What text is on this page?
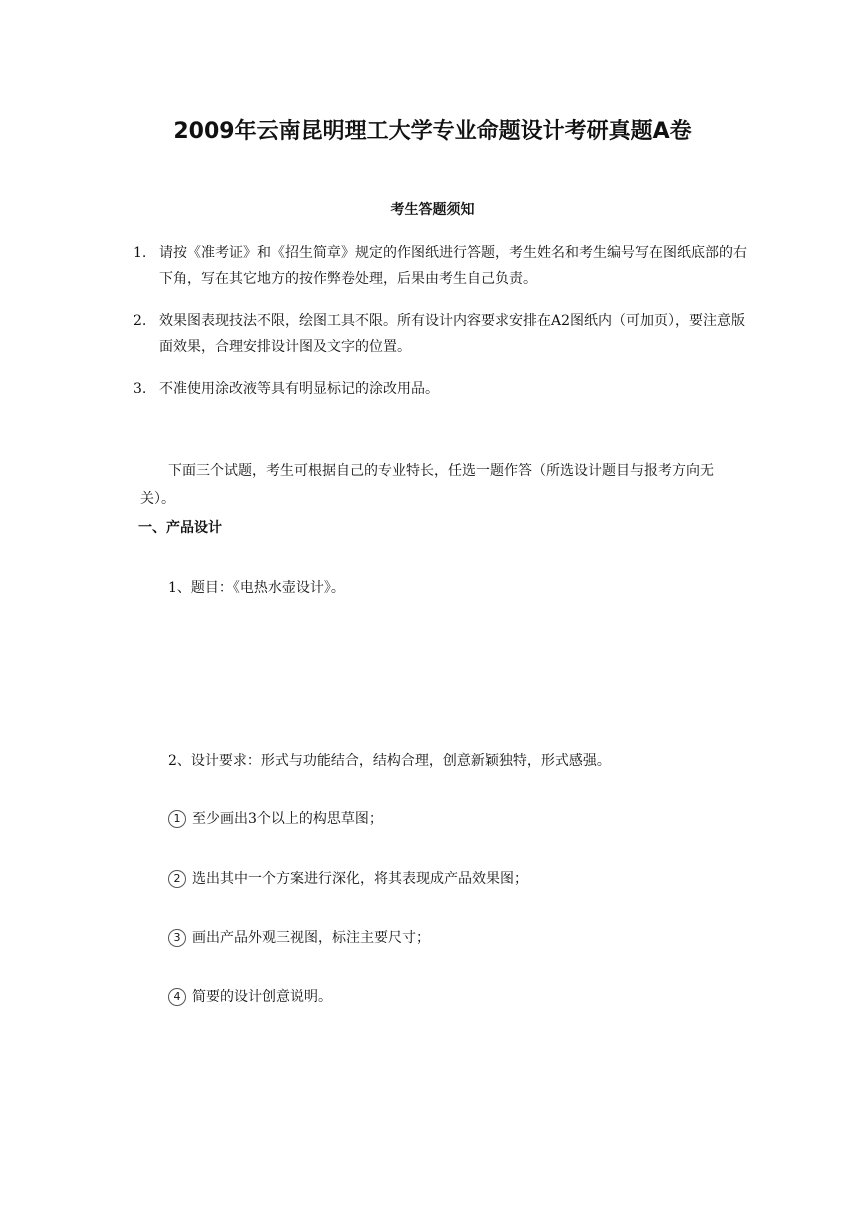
2009年云南昆明理工大学专业命题设计考研真题A卷
考生答题须知
1. 请按《准考证》和《招生简章》规定的作图纸进行答题，考生姓名和考生编号写在图纸底部的右下角，写在其它地方的按作弊卷处理，后果由考生自己负责。
2. 效果图表现技法不限，绘图工具不限。所有设计内容要求安排在A2图纸内（可加页），要注意版面效果，合理安排设计图及文字的位置。
3. 不准使用涂改液等具有明显标记的涂改用品。
下面三个试题，考生可根据自己的专业特长，任选一题作答（所选设计题目与报考方向无关）。
一、产品设计
1、题目：《电热水壶设计》。
2、设计要求：形式与功能结合，结构合理，创意新颖独特，形式感强。
1 至少画出3个以上的构思草图；
2 选出其中一个方案进行深化，将其表现成产品效果图；
3 画出产品外观三视图，标注主要尺寸；
4 简要的设计创意说明。
